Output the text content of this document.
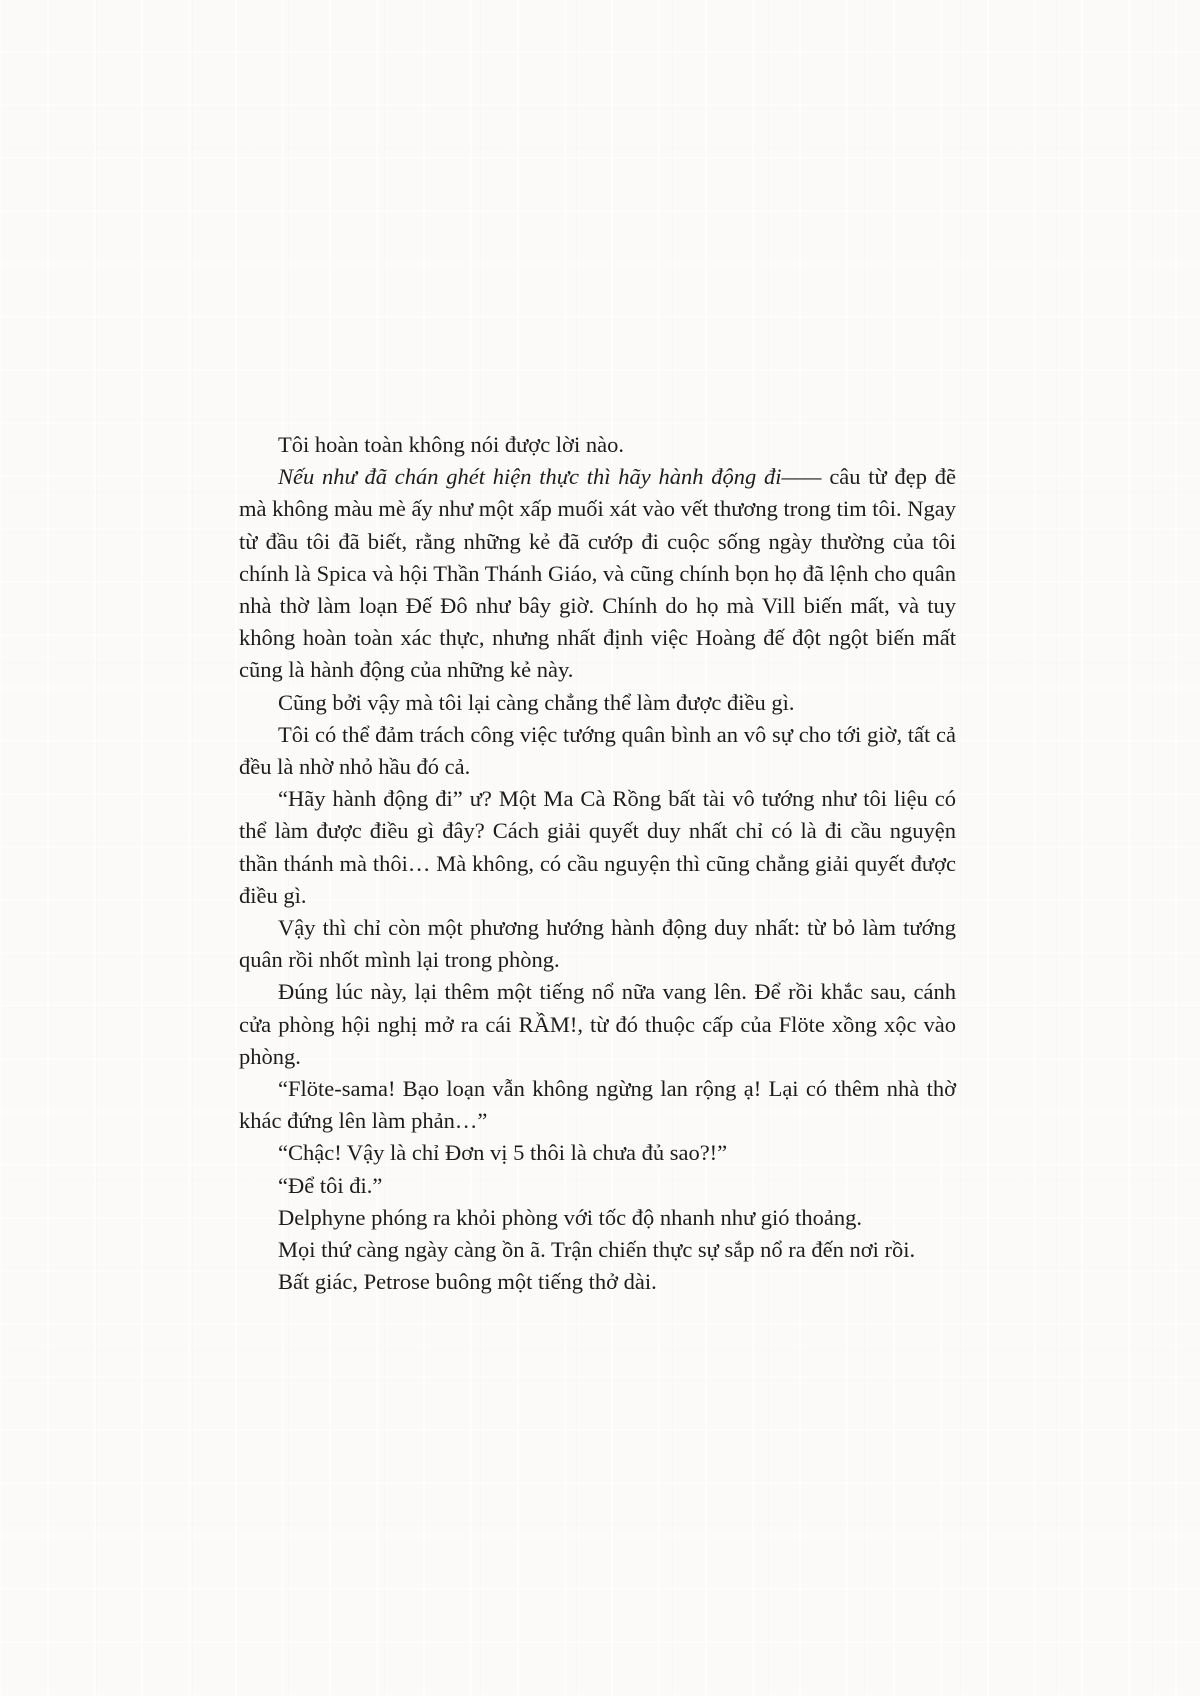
Tôi hoàn toàn không nói được lời nào.

Nếu như đã chán ghét hiện thực thì hãy hành động đi—— câu từ đẹp đẽ mà không màu mè ấy như một xấp muối xát vào vết thương trong tim tôi. Ngay từ đầu tôi đã biết, rằng những kẻ đã cướp đi cuộc sống ngày thường của tôi chính là Spica và hội Thần Thánh Giáo, và cũng chính bọn họ đã lệnh cho quân nhà thờ làm loạn Đế Đô như bây giờ. Chính do họ mà Vill biến mất, và tuy không hoàn toàn xác thực, nhưng nhất định việc Hoàng đế đột ngột biến mất cũng là hành động của những kẻ này.

Cũng bởi vậy mà tôi lại càng chẳng thể làm được điều gì.

Tôi có thể đảm trách công việc tướng quân bình an vô sự cho tới giờ, tất cả đều là nhờ nhỏ hầu đó cả.

“Hãy hành động đi” ư? Một Ma Cà Rồng bất tài vô tướng như tôi liệu có thể làm được điều gì đây? Cách giải quyết duy nhất chỉ có là đi cầu nguyện thần thánh mà thôi… Mà không, có cầu nguyện thì cũng chẳng giải quyết được điều gì.

Vậy thì chỉ còn một phương hướng hành động duy nhất: từ bỏ làm tướng quân rồi nhốt mình lại trong phòng.

Đúng lúc này, lại thêm một tiếng nổ nữa vang lên. Để rồi khắc sau, cánh cửa phòng hội nghị mở ra cái RẦM!, từ đó thuộc cấp của Flöte xồng xộc vào phòng.

“Flöte-sama! Bạo loạn vẫn không ngừng lan rộng ạ! Lại có thêm nhà thờ khác đứng lên làm phản…”

“Chậc! Vậy là chỉ Đơn vị 5 thôi là chưa đủ sao?!”

“Để tôi đi.”

Delphyne phóng ra khỏi phòng với tốc độ nhanh như gió thoảng.

Mọi thứ càng ngày càng ồn ã. Trận chiến thực sự sắp nổ ra đến nơi rồi.

Bất giác, Petrose buông một tiếng thở dài.
